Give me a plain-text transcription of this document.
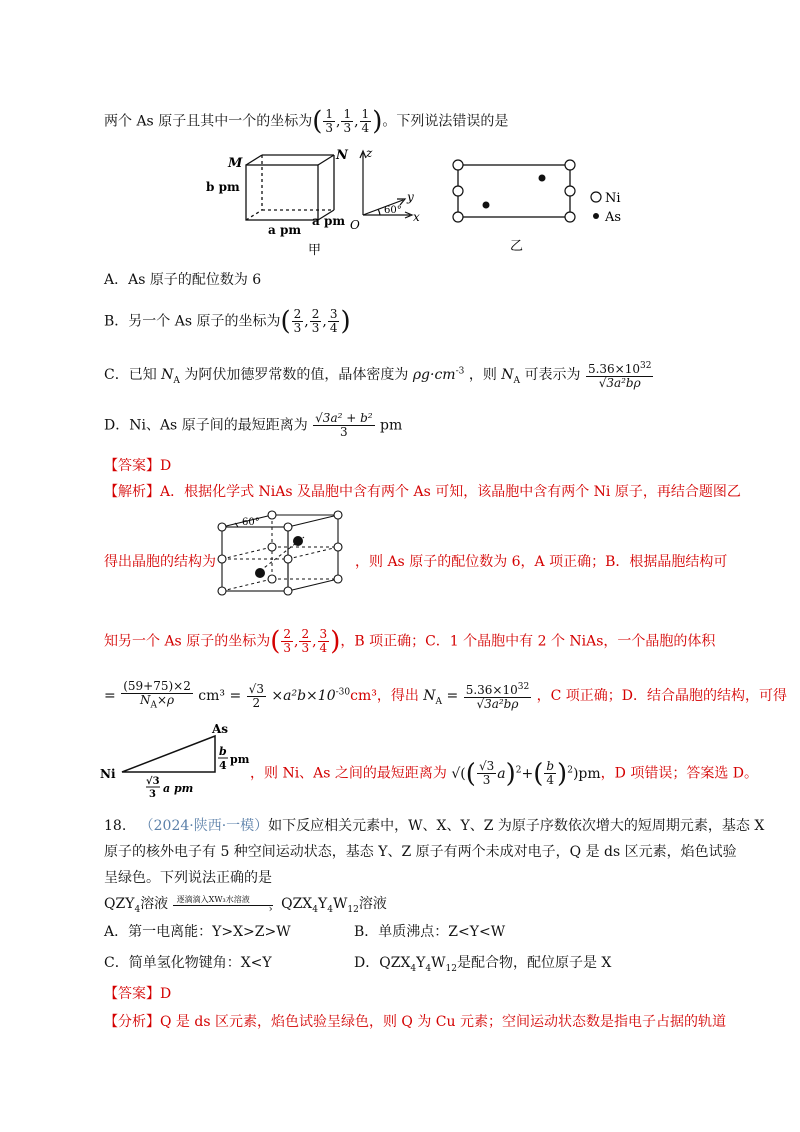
两个 As 原子且其中一个的坐标为( $\frac{1}{3}$ , $\frac{1}{3}$ , $\frac{1}{4}$ )。下列说法错误的是
M
N
b pm
a pm
a pm
z
y
x
O
60°
甲
Ni
As
乙
A．As 原子的配位数为 6
B．另一个 As 原子的坐标为( $\frac{2}{3}$ , $\frac{2}{3}$ , $\frac{3}{4}$ )
C．已知 $N_A$ 为阿伏加德罗常数的值，晶体密度为 $\rho g\cdot cm^{-3}$ ，则 $N_A$ 可表示为 $\frac{5.36\times 10^{32}}{\text{√3a²bρ}}$
D．Ni、As 原子间的最短距离为 $\frac{\text{√3a² + b²}}{3}$ pm
【答案】D
【解析】A．根据化学式 NiAs 及晶胞中含有两个 As 可知，该晶胞中含有两个 Ni 原子，再结合题图乙
得出晶胞的结构为
60°
，则 As 原子的配位数为 6，A 项正确；B．根据晶胞结构可
知另一个 As 原子的坐标为( $\frac{2}{3}$ , $\frac{2}{3}$ , $\frac{3}{4}$ )，B 项正确；C．1 个晶胞中有 2 个 NiAs，一个晶胞的体积
= $\frac{(59+75)\times 2}{N_A\times\rho} cm^3 = \frac{√3}{2} \times a^2b\times 10^{-30}cm^3$，得出 $N_A = \frac{5.36\times 10^{32}}{\text{√3a²bρ}}$ ，C 项正确；D．结合晶胞的结构，可得
As
Ni
b
4 pm
√3
3 a pm
，则 Ni、As 之间的最短距离为 √(( $\frac{√3}{3} a)^2+( \frac{b}{4} )^2)pm$，D 项错误；答案选 D。
18. （2024·陕西·一模）如下反应相关元素中，W、X、Y、Z 为原子序数依次增大的短周期元素，基态 X
原子的核外电子有 5 种空间运动状态，基态 Y、Z 原子有两个未成对电子，Q 是 ds 区元素，焰色试验
呈绿色。下列说法正确的是
$QZY_4$溶液 逐滴滴入XW₃水溶液
› $QZX_4Y_4W_{12}$溶液
A．第一电离能：Y>X>Z>W	B．单质沸点：Z<Y<W
C．简单氢化物键角：X<Y	D．$QZX_4Y_4W_{12}$是配合物，配位原子是 X
【答案】D
【分析】Q 是 ds 区元素，焰色试验呈绿色，则 Q 为 Cu 元素；空间运动状态数是指电子占据的轨道
